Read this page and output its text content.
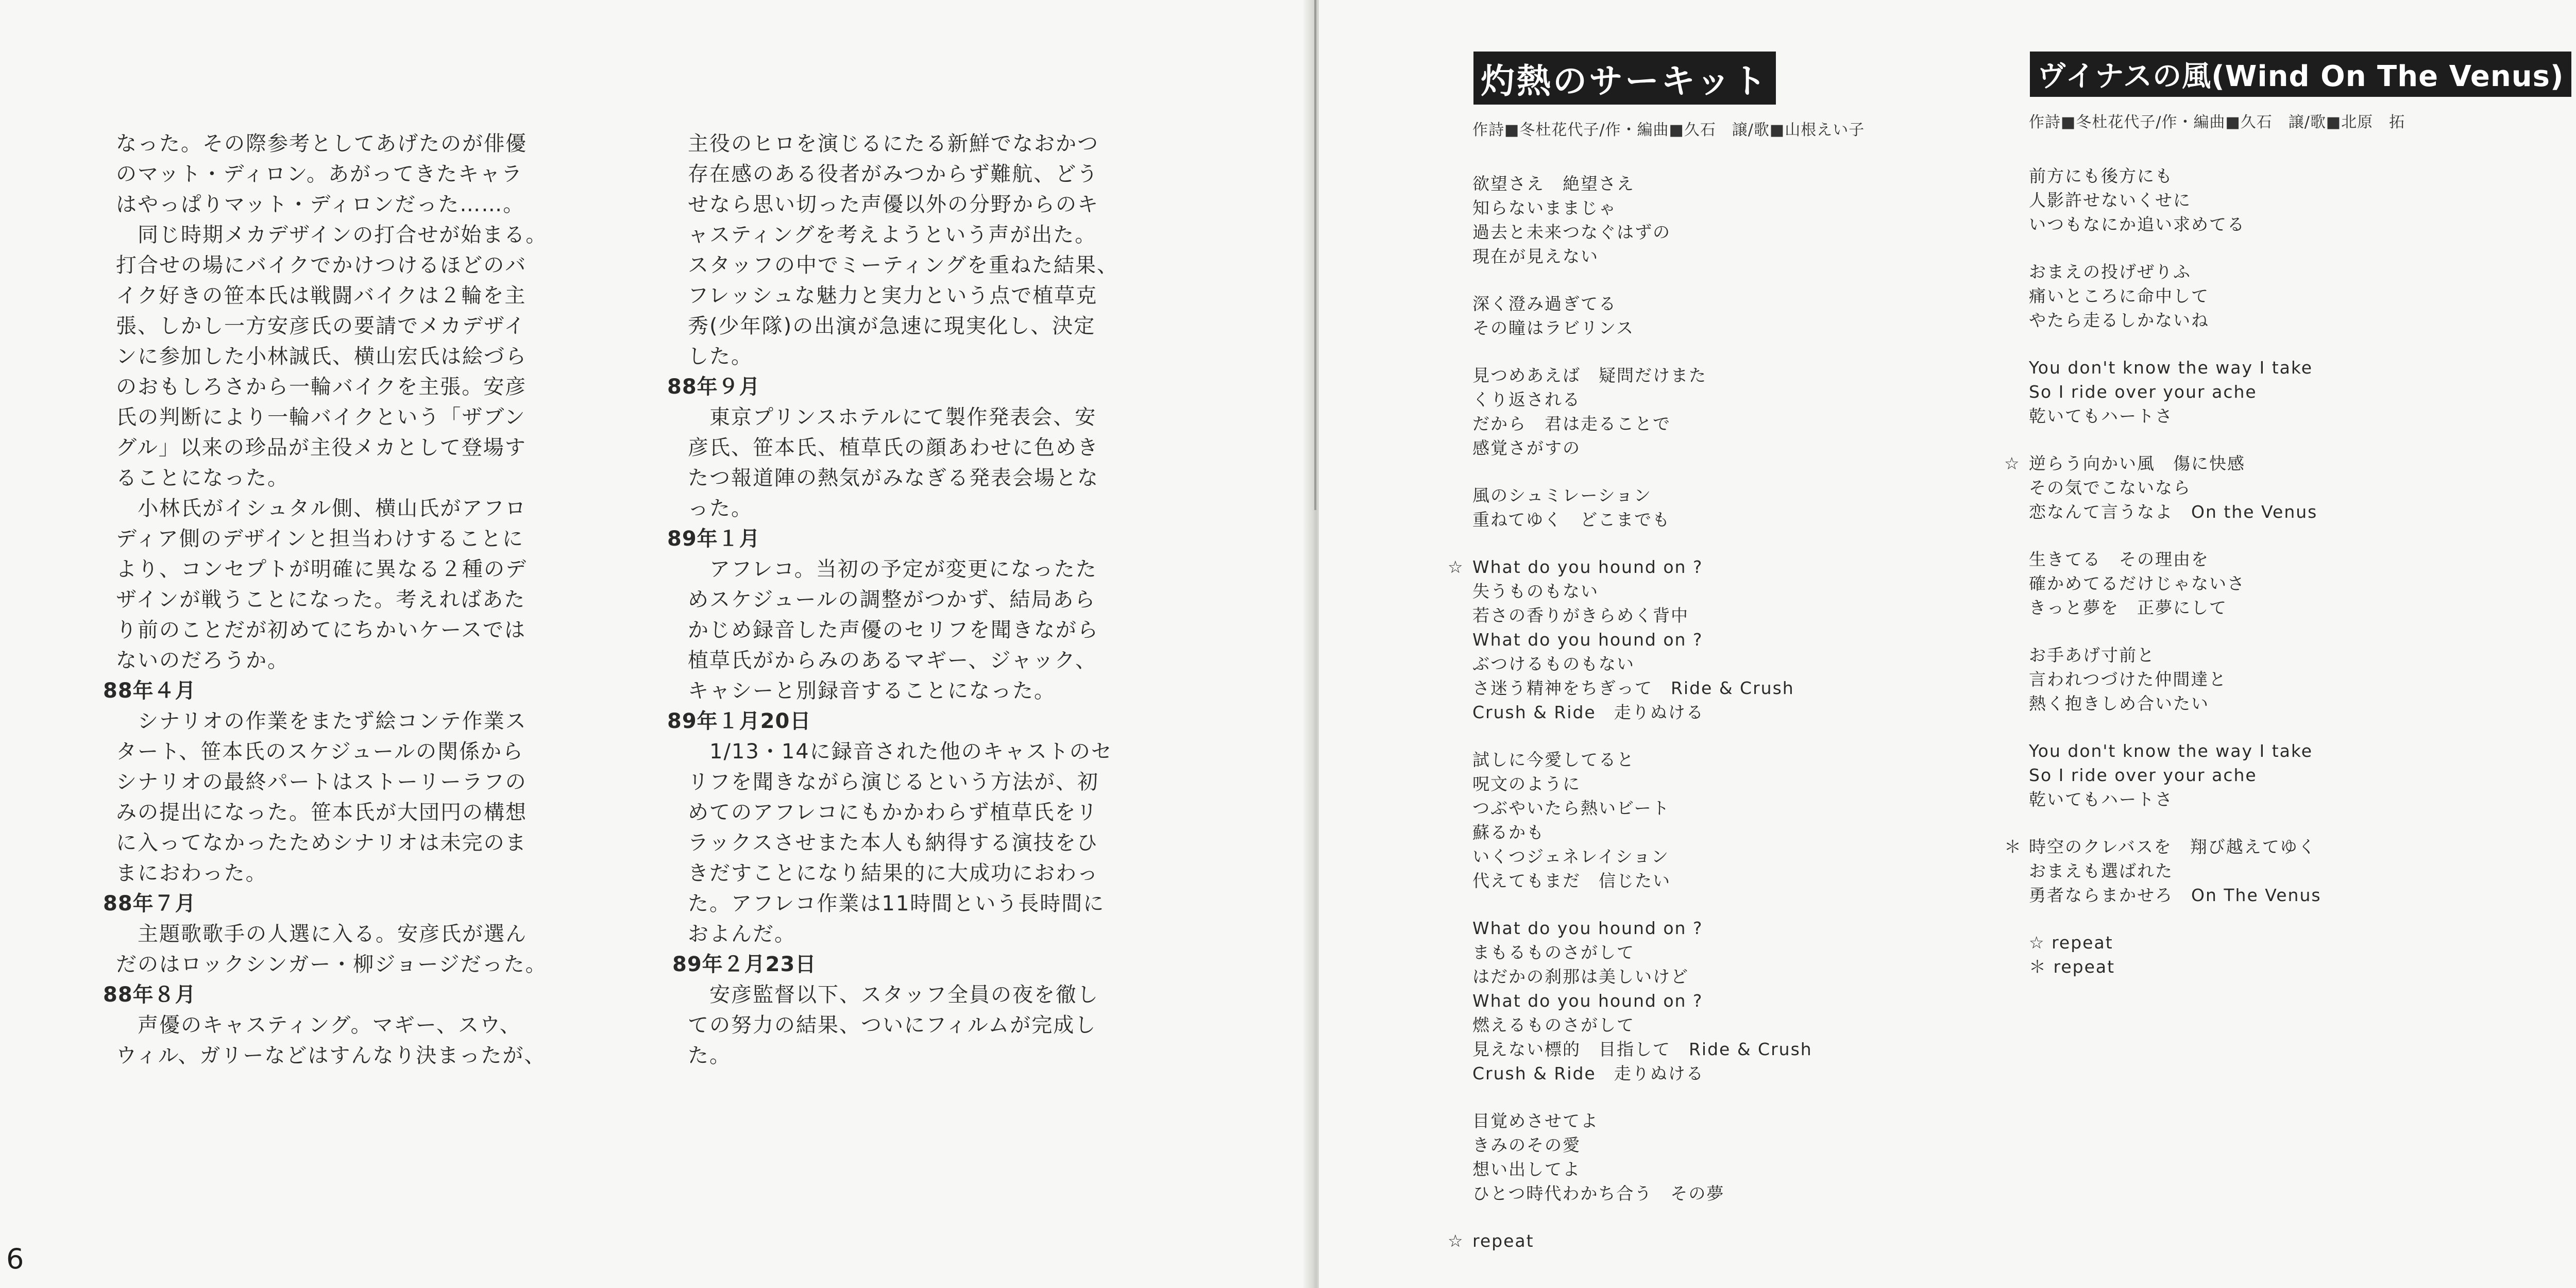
なった。その際参考としてあげたのが俳優

のマット・ディロン。あがってきたキャラ

はやっぱりマット・ディロンだった……。

　同じ時期メカデザインの打合せが始まる。

打合せの場にバイクでかけつけるほどのバ

イク好きの笹本氏は戦闘バイクは２輪を主

張、しかし一方安彦氏の要請でメカデザイ

ンに参加した小林誠氏、横山宏氏は絵づら

のおもしろさから一輪バイクを主張。安彦

氏の判断により一輪バイクという「ザブン

グル」以来の珍品が主役メカとして登場す

ることになった。

　小林氏がイシュタル側、横山氏がアフロ

ディア側のデザインと担当わけすることに

より、コンセプトが明確に異なる２種のデ

ザインが戦うことになった。考えればあた

り前のことだが初めてにちかいケースでは

ないのだろうか。

88年４月

　シナリオの作業をまたず絵コンテ作業ス

タート、笹本氏のスケジュールの関係から

シナリオの最終パートはストーリーラフの

みの提出になった。笹本氏が大団円の構想

に入ってなかったためシナリオは未完のま

まにおわった。

88年７月

　主題歌歌手の人選に入る。安彦氏が選ん

だのはロックシンガー・柳ジョージだった。

88年８月

　声優のキャスティング。マギー、スウ、

ウィル、ガリーなどはすんなり決まったが、

主役のヒロを演じるにたる新鮮でなおかつ

存在感のある役者がみつからず難航、どう

せなら思い切った声優以外の分野からのキ

ャスティングを考えようという声が出た。

スタッフの中でミーティングを重ねた結果、

フレッシュな魅力と実力という点で植草克

秀(少年隊)の出演が急速に現実化し、決定

した。

88年９月

　東京プリンスホテルにて製作発表会、安

彦氏、笹本氏、植草氏の顔あわせに色めき

たつ報道陣の熱気がみなぎる発表会場とな

った。

89年１月

　アフレコ。当初の予定が変更になったた

めスケジュールの調整がつかず、結局あら

かじめ録音した声優のセリフを聞きながら

植草氏がからみのあるマギー、ジャック、

キャシーと別録音することになった。

89年１月20日

　1/13・14に録音された他のキャストのセ

リフを聞きながら演じるという方法が、初

めてのアフレコにもかかわらず植草氏をリ

ラックスさせまた本人も納得する演技をひ

きだすことになり結果的に大成功におわっ

た。アフレコ作業は11時間という長時間に

およんだ。

89年２月23日

　安彦監督以下、スタッフ全員の夜を徹し

ての努力の結果、ついにフィルムが完成し

た。

6
灼熱のサーキット

作詩■冬杜花代子/作・編曲■久石　譲/歌■山根えい子

欲望さえ　絶望さえ

知らないままじゃ

過去と未来つなぐはずの

現在が見えない

深く澄み過ぎてる

その瞳はラビリンス

見つめあえば　疑問だけまた

くり返される

だから　君は走ることで

感覚さがすの

風のシュミレーション

重ねてゆく　どこまでも

☆ What do you hound on ?

失うものもない

若さの香りがきらめく背中

What do you hound on ?

ぶつけるものもない

さ迷う精神をちぎって　Ride & Crush

Crush & Ride　走りぬける

試しに今愛してると

呪文のように

つぶやいたら熱いビート

蘇るかも

いくつジェネレイション

代えてもまだ　信じたい

What do you hound on ?

まもるものさがして

はだかの刹那は美しいけど

What do you hound on ?

燃えるものさがして

見えない標的　目指して　Ride & Crush

Crush & Ride　走りぬける

目覚めさせてよ

きみのその愛

想い出してよ

ひとつ時代わかち合う　その夢

☆ repeat

ヴイナスの風(Wind On The Venus)

作詩■冬杜花代子/作・編曲■久石　譲/歌■北原　拓

前方にも後方にも

人影許せないくせに

いつもなにか追い求めてる

おまえの投げぜりふ

痛いところに命中して

やたら走るしかないね

You don't know the way I take

So I ride over your ache

乾いてもハートさ

☆ 逆らう向かい風　傷に快感

その気でこないなら

恋なんて言うなよ　On the Venus

生きてる　その理由を

確かめてるだけじゃないさ

きっと夢を　正夢にして

お手あげ寸前と

言われつづけた仲間達と

熱く抱きしめ合いたい

You don't know the way I take

So I ride over your ache

乾いてもハートさ

＊ 時空のクレバスを　翔び越えてゆく

おまえも選ばれた

勇者ならまかせろ　On The Venus

☆ repeat

＊ repeat
